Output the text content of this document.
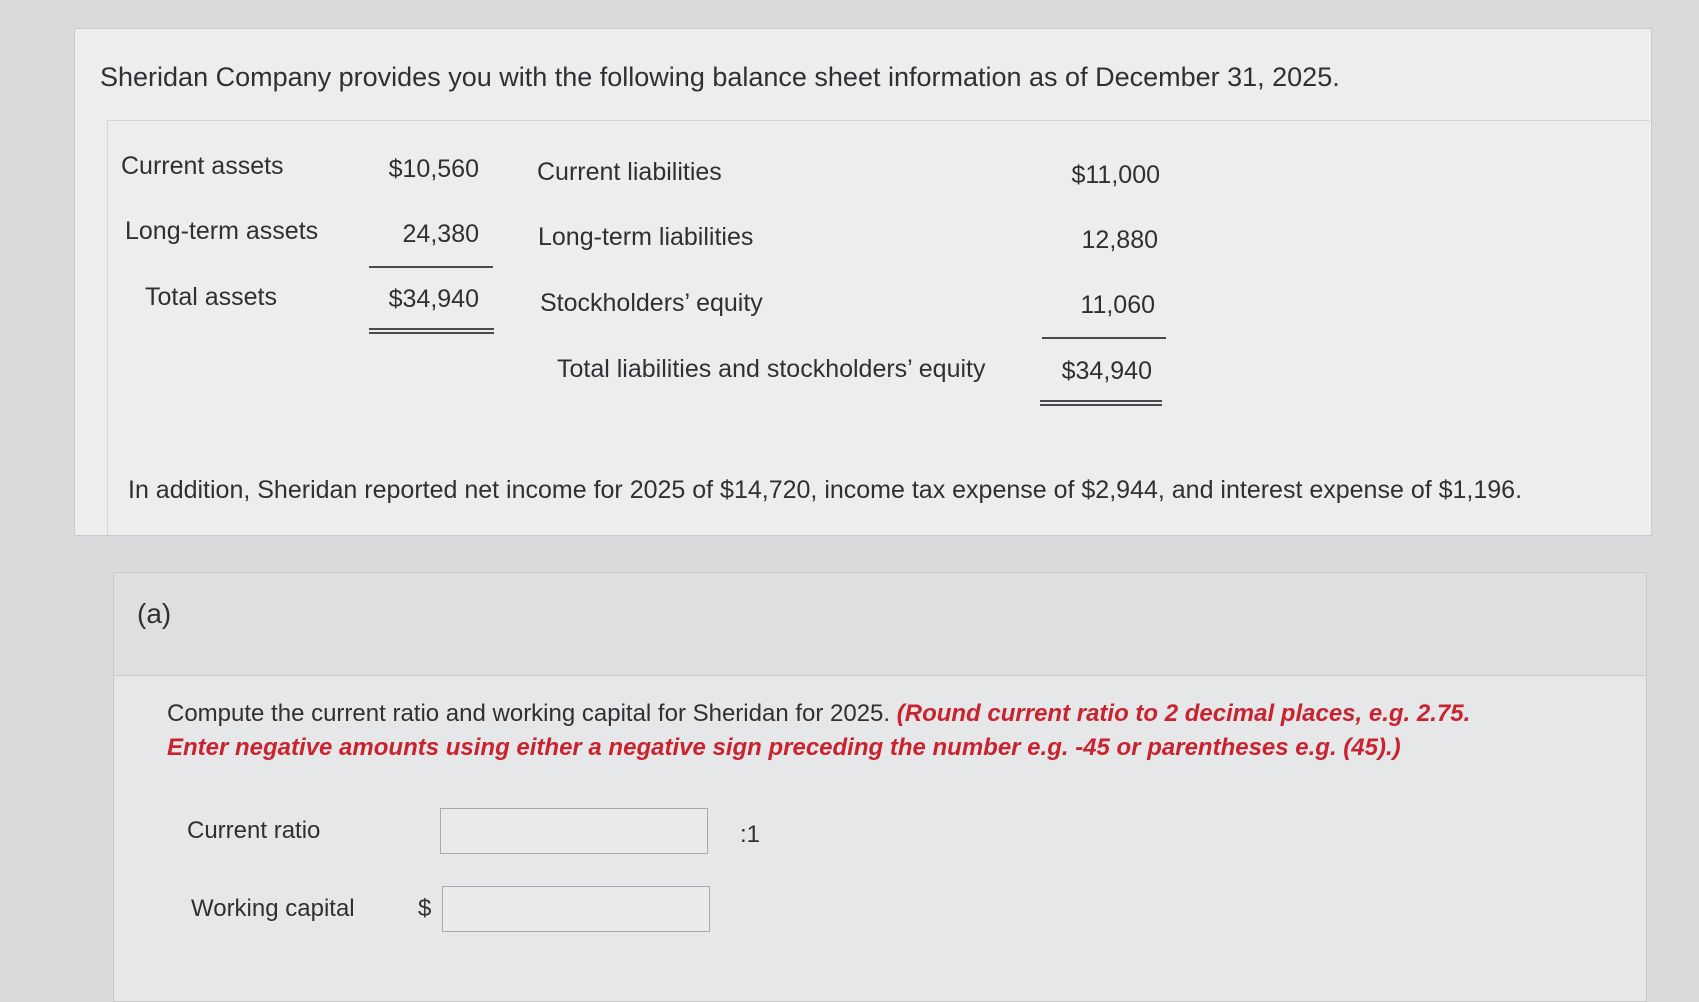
Sheridan Company provides you with the following balance sheet information as of December 31, 2025.
Current assets	$10,560
Long-term assets	24,380
Total assets	$34,940
Current liabilities	$11,000
Long-term liabilities	12,880
Stockholders’ equity	11,060
Total liabilities and stockholders’ equity	$34,940
In addition, Sheridan reported net income for 2025 of $14,720, income tax expense of $2,944, and interest expense of $1,196.
(a)
Compute the current ratio and working capital for Sheridan for 2025. (Round current ratio to 2 decimal places, e.g. 2.75. Enter negative amounts using either a negative sign preceding the number e.g. -45 or parentheses e.g. (45).)
Current ratio	:1
Working capital	$
